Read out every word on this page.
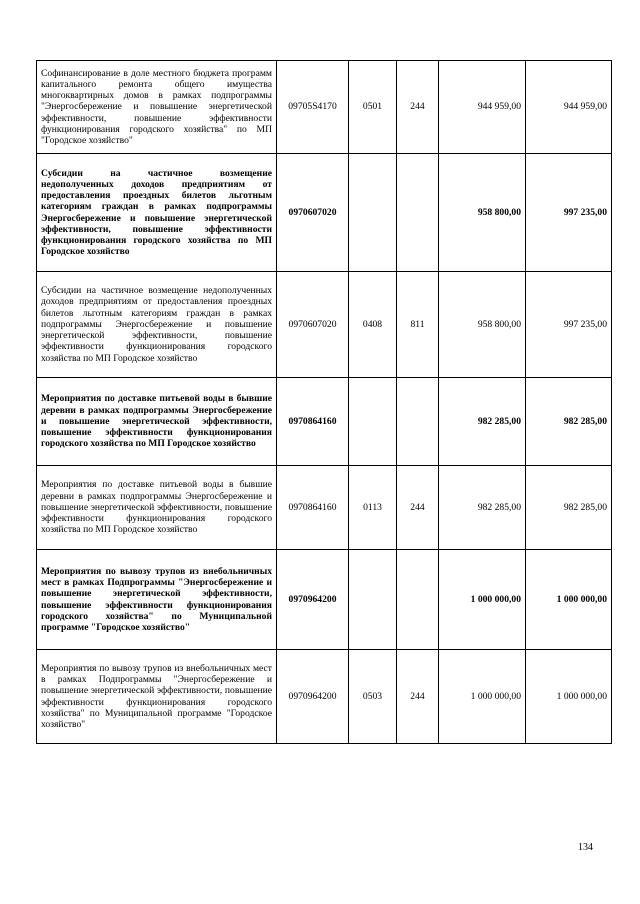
Софинансирование в доле местного бюджета программ капитального ремонта общего имущества многоквартирных домов в рамках подпрограммы "Энергосбережение и повышение энергетической эффективности, повышение эффективности функционирования городского хозяйства" по МП "Городское хозяйство"	09705S4170	0501	244	944 959,00	944 959,00
Субсидии на частичное возмещение недополученных доходов предприятиям от предоставления проездных билетов льготным категориям граждан в рамках подпрограммы Энергосбережение и повышение энергетической эффективности, повышение эффективности функционирования городского хозяйства по МП Городское хозяйство	0970607020			958 800,00	997 235,00
Субсидии на частичное возмещение недополученных доходов предприятиям от предоставления проездных билетов льготным категориям граждан в рамках подпрограммы Энергосбережение и повышение энергетической эффективности, повышение эффективности функционирования городского хозяйства по МП Городское хозяйство	0970607020	0408	811	958 800,00	997 235,00
Мероприятия по доставке питьевой воды в бывшие деревни в рамках подпрограммы Энергосбережение и повышение энергетической эффективности, повышение эффективности функционирования городского хозяйства по МП Городское хозяйство	0970864160			982 285,00	982 285,00
Мероприятия по доставке питьевой воды в бывшие деревни в рамках подпрограммы Энергосбережение и повышение энергетической эффективности, повышение эффективности функционирования городского хозяйства по МП Городское хозяйство	0970864160	0113	244	982 285,00	982 285,00
Мероприятия по вывозу трупов из внебольничных мест в рамках Подпрограммы "Энергосбережение и повышение энергетической эффективности, повышение эффективности функционирования городского хозяйства" по Муниципальной программе "Городское хозяйство"	0970964200			1 000 000,00	1 000 000,00
Мероприятия по вывозу трупов из внебольничных мест в рамках Подпрограммы "Энергосбережение и повышение энергетической эффективности, повышение эффективности функционирования городского хозяйства" по Муниципальной программе "Городское хозяйство"	0970964200	0503	244	1 000 000,00	1 000 000,00
134
